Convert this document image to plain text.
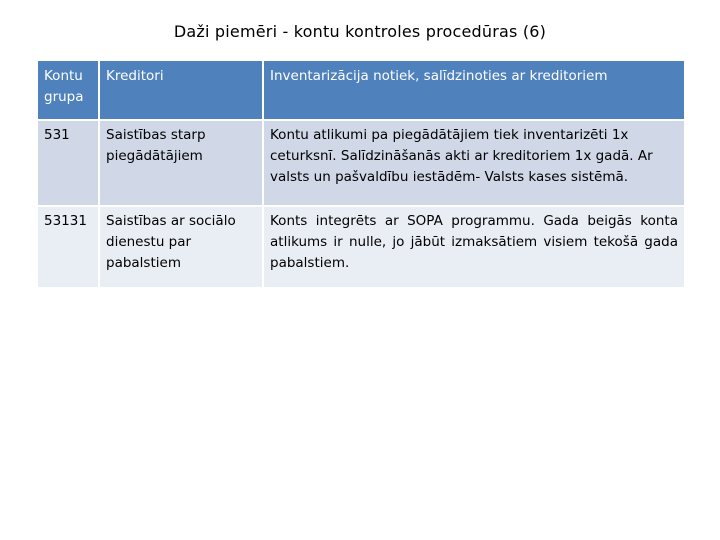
Daži piemēri - kontu kontroles procedūras (6)
Kontu grupa	Kreditori	Inventarizācija notiek, salīdzinoties ar kreditoriem
531	Saistības starp piegādātājiem	Kontu atlikumi pa piegādātājiem tiek inventarizēti 1x ceturksnī. Salīdzināšanās akti ar kreditoriem 1x gadā. Ar valsts un pašvaldību iestādēm- Valsts kases sistēmā.
53131	Saistības ar sociālo dienestu par pabalstiem	Konts integrēts ar SOPA programmu. Gada beigās konta atlikums ir nulle, jo jābūt izmaksātiem visiem tekošā gada pabalstiem.
